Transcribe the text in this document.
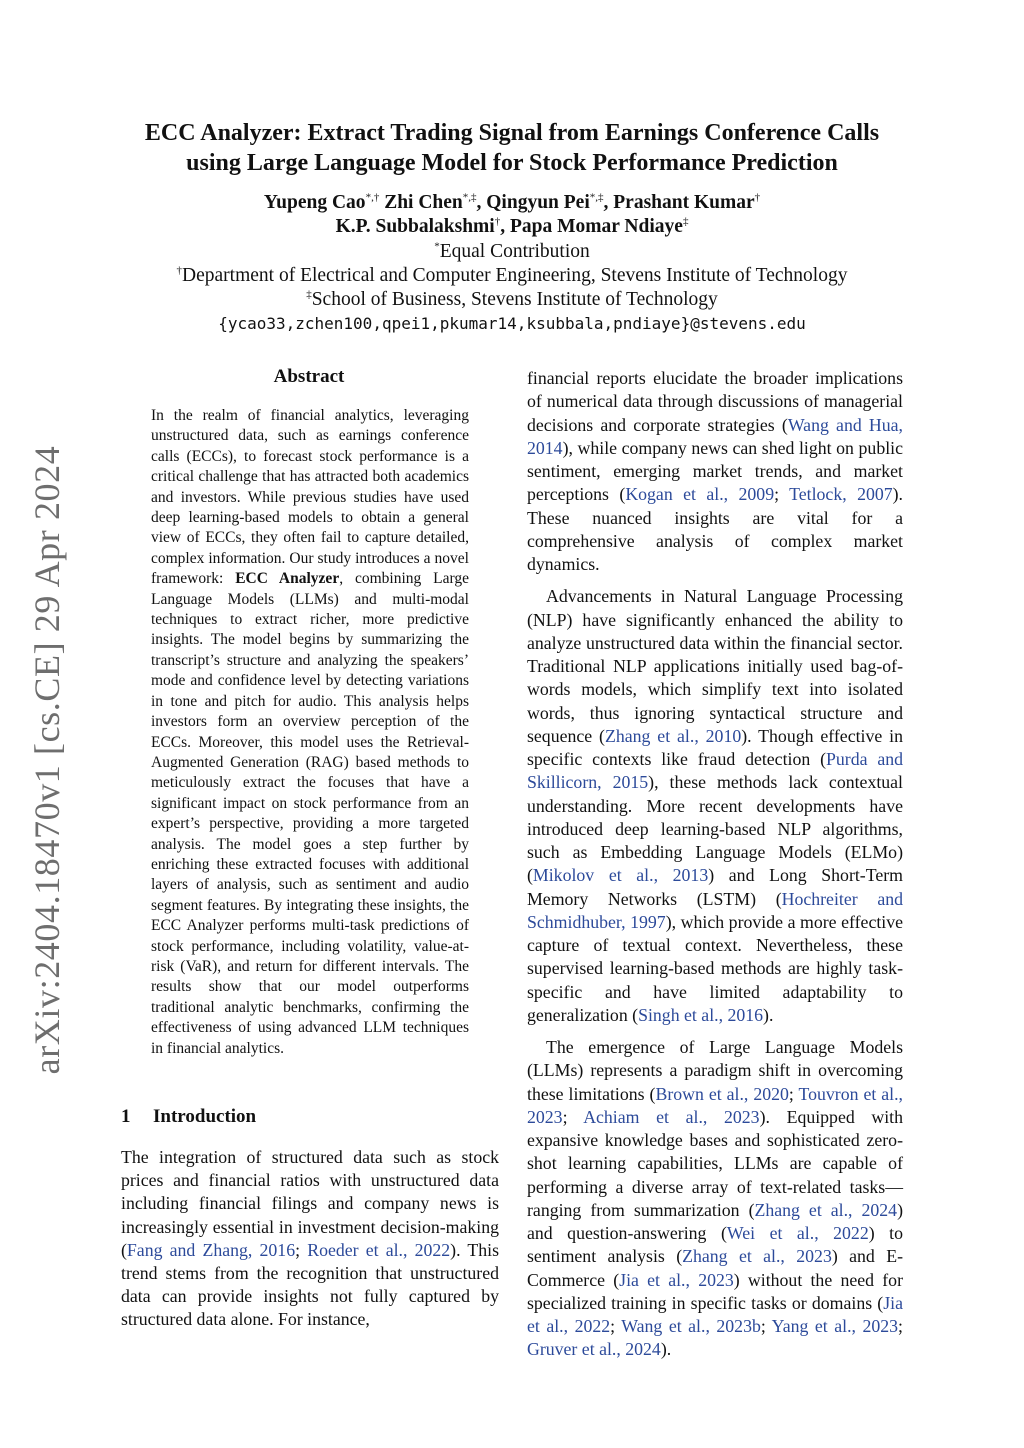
arXiv:2404.18470v1 [cs.CE] 29 Apr 2024
ECC Analyzer: Extract Trading Signal from Earnings Conference Calls
using Large Language Model for Stock Performance Prediction
Yupeng Cao*,† Zhi Chen*,‡, Qingyun Pei*,‡, Prashant Kumar†
K.P. Subbalakshmi†, Papa Momar Ndiaye‡
*Equal Contribution
†Department of Electrical and Computer Engineering, Stevens Institute of Technology
‡School of Business, Stevens Institute of Technology
{ycao33,zchen100,qpei1,pkumar14,ksubbala,pndiaye}@stevens.edu
Abstract
In the realm of financial analytics, leveraging unstructured data, such as earnings conference calls (ECCs), to forecast stock performance is a critical challenge that has attracted both academics and investors. While previous studies have used deep learning-based models to obtain a general view of ECCs, they often fail to capture detailed, complex information. Our study introduces a novel framework: ECC Analyzer, combining Large Language Models (LLMs) and multi-modal techniques to extract richer, more predictive insights. The model begins by summarizing the transcript’s structure and analyzing the speakers’ mode and confidence level by detecting variations in tone and pitch for audio. This analysis helps investors form an overview perception of the ECCs. Moreover, this model uses the Retrieval-Augmented Generation (RAG) based methods to meticulously extract the focuses that have a significant impact on stock performance from an expert’s perspective, providing a more targeted analysis. The model goes a step further by enriching these extracted focuses with additional layers of analysis, such as sentiment and audio segment features. By integrating these insights, the ECC Analyzer performs multi-task predictions of stock performance, including volatility, value-at-risk (VaR), and return for different intervals. The results show that our model outperforms traditional analytic benchmarks, confirming the effectiveness of using advanced LLM techniques in financial analytics.
1 Introduction
The integration of structured data such as stock prices and financial ratios with unstructured data including financial filings and company news is increasingly essential in investment decision-making (Fang and Zhang, 2016; Roeder et al., 2022). This trend stems from the recognition that unstructured data can provide insights not fully captured by structured data alone. For instance,

financial reports elucidate the broader implications of numerical data through discussions of managerial decisions and corporate strategies (Wang and Hua, 2014), while company news can shed light on public sentiment, emerging market trends, and market perceptions (Kogan et al., 2009; Tetlock, 2007). These nuanced insights are vital for a comprehensive analysis of complex market dynamics.

Advancements in Natural Language Processing (NLP) have significantly enhanced the ability to analyze unstructured data within the financial sector. Traditional NLP applications initially used bag-of-words models, which simplify text into isolated words, thus ignoring syntactical structure and sequence (Zhang et al., 2010). Though effective in specific contexts like fraud detection (Purda and Skillicorn, 2015), these methods lack contextual understanding. More recent developments have introduced deep learning-based NLP algorithms, such as Embedding Language Models (ELMo) (Mikolov et al., 2013) and Long Short-Term Memory Networks (LSTM) (Hochreiter and Schmidhuber, 1997), which provide a more effective capture of textual context. Nevertheless, these supervised learning-based methods are highly task-specific and have limited adaptability to generalization (Singh et al., 2016).

The emergence of Large Language Models (LLMs) represents a paradigm shift in overcoming these limitations (Brown et al., 2020; Touvron et al., 2023; Achiam et al., 2023). Equipped with expansive knowledge bases and sophisticated zero-shot learning capabilities, LLMs are capable of performing a diverse array of text-related tasks—ranging from summarization (Zhang et al., 2024) and question-answering (Wei et al., 2022) to sentiment analysis (Zhang et al., 2023) and E-Commerce (Jia et al., 2023) without the need for specialized training in specific tasks or domains (Jia et al., 2022; Wang et al., 2023b; Yang et al., 2023; Gruver et al., 2024).
